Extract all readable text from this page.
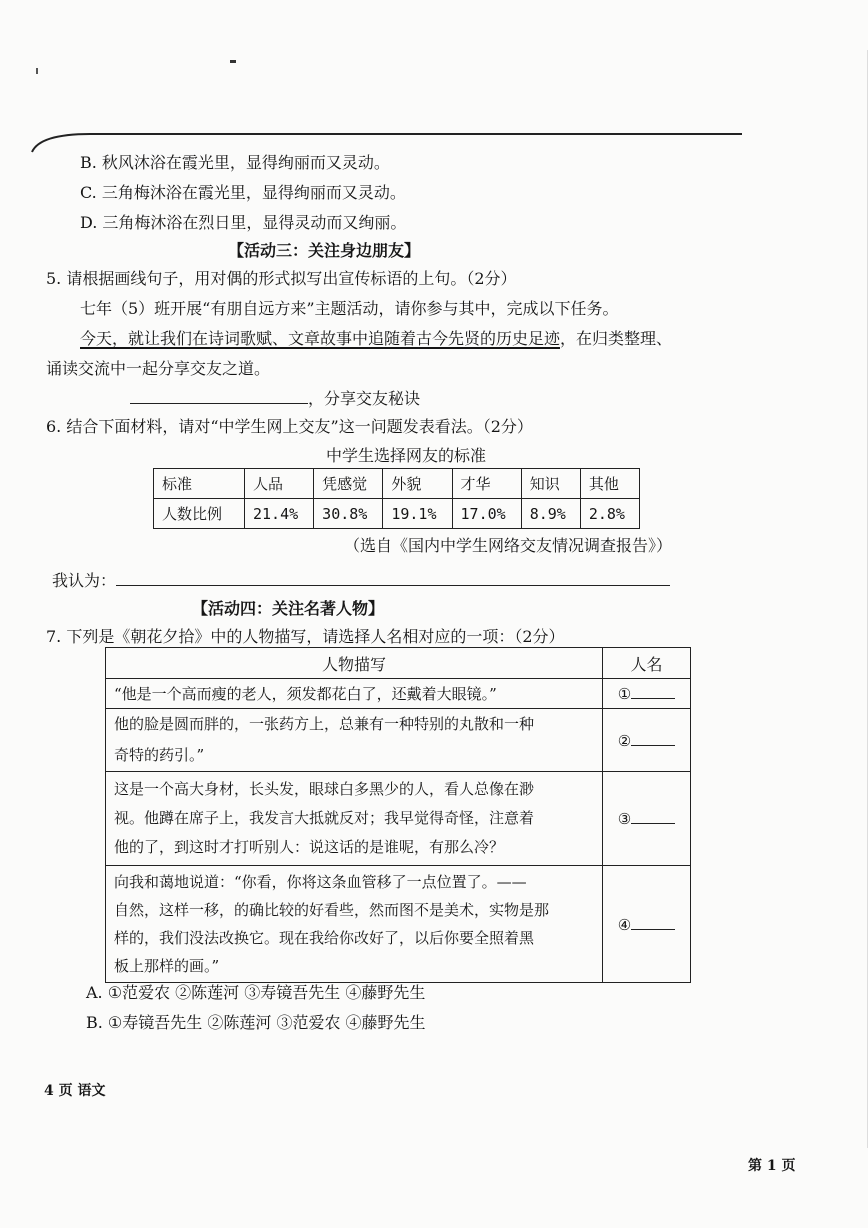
B. 秋风沐浴在霞光里，显得绚丽而又灵动。
C. 三角梅沐浴在霞光里，显得绚丽而又灵动。
D. 三角梅沐浴在烈日里，显得灵动而又绚丽。
【活动三：关注身边朋友】
5. 请根据画线句子，用对偶的形式拟写出宣传标语的上句。（2分）
七年（5）班开展“有朋自远方来”主题活动，请你参与其中，完成以下任务。
今天，就让我们在诗词歌赋、文章故事中追随着古今先贤的历史足迹，在归类整理、
诵读交流中一起分享交友之道。
，分享交友秘诀
6. 结合下面材料，请对“中学生网上交友”这一问题发表看法。（2分）
中学生选择网友的标准
标准	人品	凭感觉	外貌	才华	知识	其他
人数比例	21.4%	30.8%	19.1%	17.0%	8.9%	2.8%
（选自《国内中学生网络交友情况调查报告》）
我认为：
【活动四：关注名著人物】
7. 下列是《朝花夕拾》中的人物描写，请选择人名相对应的一项：（2分）
人物描写	人名
“他是一个高而瘦的老人，须发都花白了，还戴着大眼镜。”	①

他的脸是圆而胖的，一张药方上，总兼有一种特别的丸散和一种
奇特的药引。”	②

这是一个高大身材，长头发，眼球白多黑少的人，看人总像在渺
视。他蹲在席子上，我发言大抵就反对；我早觉得奇怪，注意着
他的了，到这时才打听别人：说这话的是谁呢，有那么冷？	③

向我和蔼地说道：“你看，你将这条血管移了一点位置了。——
自然，这样一移，的确比较的好看些，然而图不是美术，实物是那
样的，我们没法改换它。现在我给你改好了，以后你要全照着黑
板上那样的画。”	④
A. ①范爱农 ②陈莲河 ③寿镜吾先生 ④藤野先生
B. ①寿镜吾先生 ②陈莲河 ③范爱农 ④藤野先生
4 页 语文
第 1 页
